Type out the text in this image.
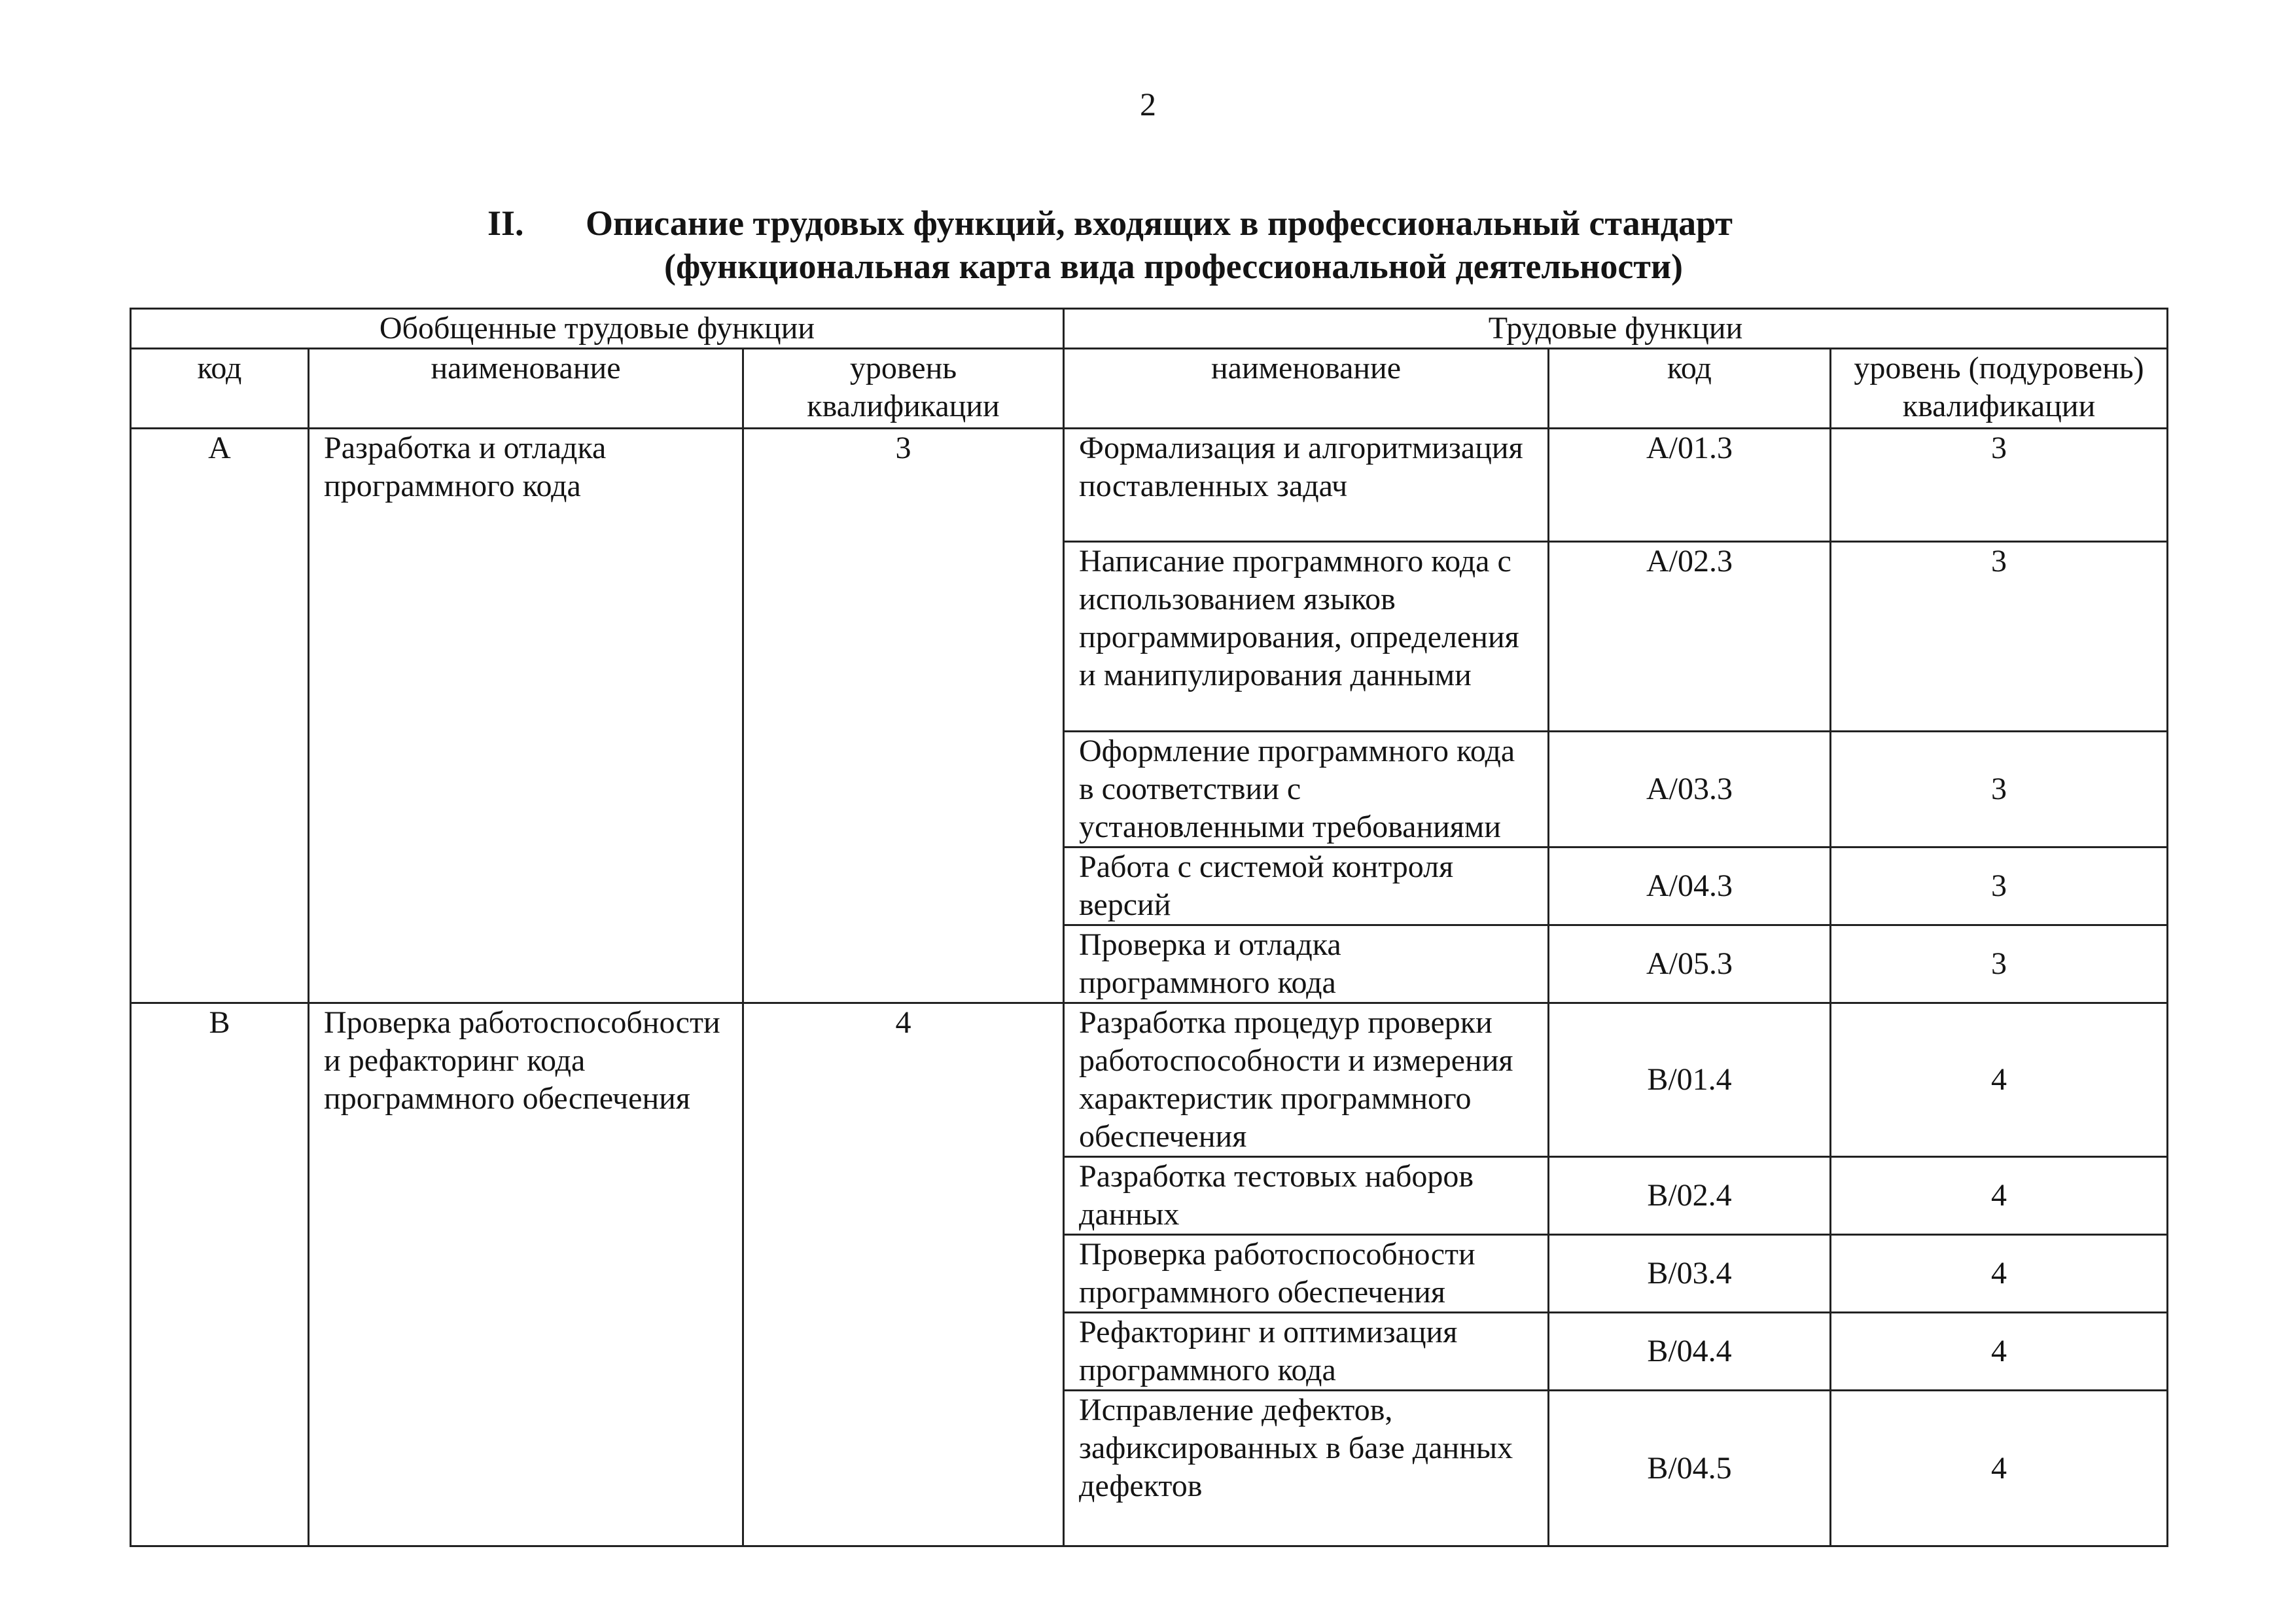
2
II. Описание трудовых функций, входящих в профессиональный стандарт
(функциональная карта вида профессиональной деятельности)
Обобщенные трудовые функции			Трудовые функции		
код	наименование	уровень квалификации	наименование	код	уровень (подуровень) квалификации
A	Разработка и отладка программного кода	3	Формализация и алгоритмизация поставленных задач	A/01.3	3
			Написание программного кода с использованием языков программирования, определения и манипулирования данными	A/02.3	3
			Оформление программного кода в соответствии с установленными требованиями	A/03.3	3
			Работа с системой контроля версий	A/04.3	3
			Проверка и отладка программного кода	A/05.3	3
B	Проверка работоспособности и рефакторинг кода программного обеспечения	4	Разработка процедур проверки работоспособности и измерения характеристик программного обеспечения	B/01.4	4
			Разработка тестовых наборов данных	B/02.4	4
			Проверка работоспособности программного обеспечения	B/03.4	4
			Рефакторинг и оптимизация программного кода	B/04.4	4
			Исправление дефектов, зафиксированных в базе данных дефектов	B/04.5	4
